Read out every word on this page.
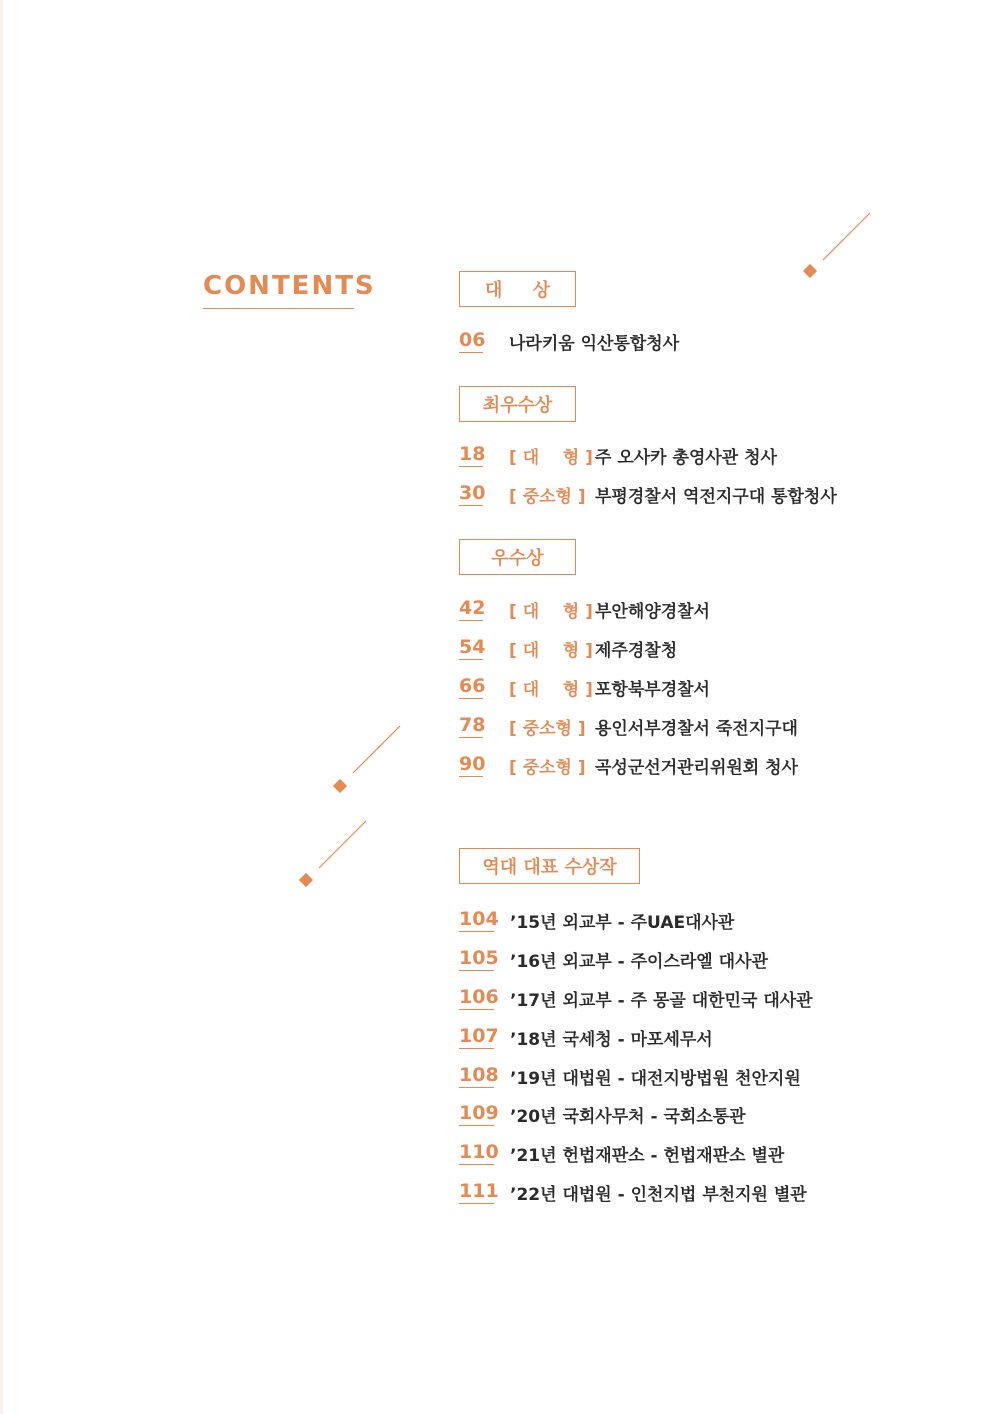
CONTENTS	대 상
06 나라키움 익산통합청사
최우수상
18 [ 대    형 ] 주 오사카 총영사관 청사
30 [ 중소형 ] 부평경찰서 역전지구대 통합청사
우수상
42 [ 대    형 ] 부안해양경찰서
54 [ 대    형 ] 제주경찰청
66 [ 대    형 ] 포항북부경찰서
78 [ 중소형 ] 용인서부경찰서 죽전지구대
90 [ 중소형 ] 곡성군선거관리위원회 청사
역대 대표 수상작
104 ’15년 외교부 - 주UAE대사관
105 ’16년 외교부 - 주이스라엘 대사관
106 ’17년 외교부 - 주 몽골 대한민국 대사관
107 ’18년 국세청 - 마포세무서
108 ’19년 대법원 - 대전지방법원 천안지원
109 ’20년 국회사무처 - 국회소통관
110 ’21년 헌법재판소 - 헌법재판소 별관
111 ’22년 대법원 - 인천지법 부천지원 별관
